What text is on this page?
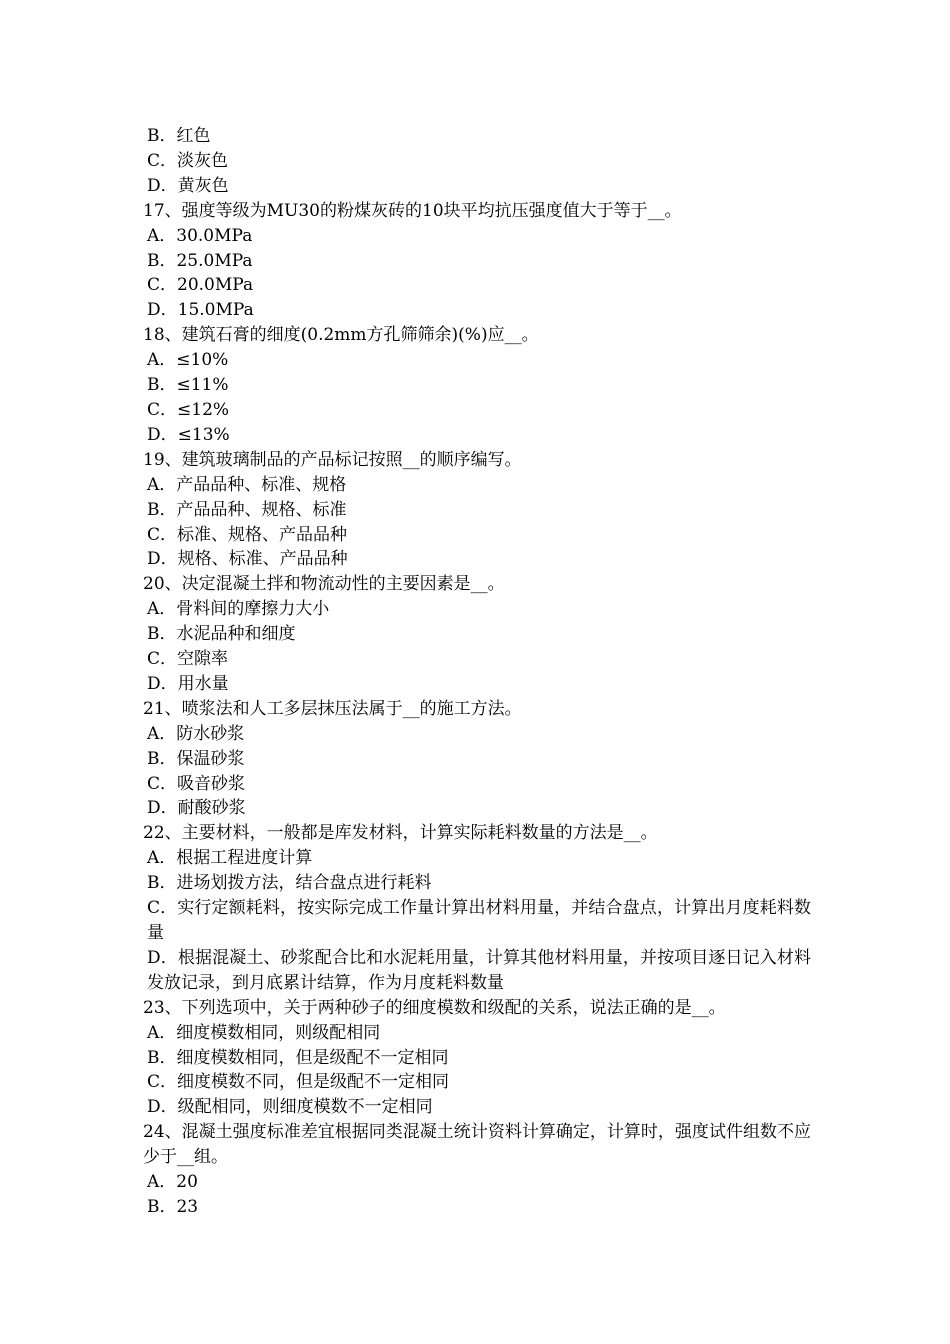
B．红色

C．淡灰色

D．黄灰色

17、强度等级为MU30的粉煤灰砖的10块平均抗压强度值大于等于__。

A．30.0MPa

B．25.0MPa

C．20.0MPa

D．15.0MPa

18、建筑石膏的细度(0.2mm方孔筛筛余)(%)应__。

A．≤10%

B．≤11%

C．≤12%

D．≤13%

19、建筑玻璃制品的产品标记按照__的顺序编写。

A．产品品种、标准、规格

B．产品品种、规格、标准

C．标准、规格、产品品种

D．规格、标准、产品品种

20、决定混凝土拌和物流动性的主要因素是__。

A．骨料间的摩擦力大小

B．水泥品种和细度

C．空隙率

D．用水量

21、喷浆法和人工多层抹压法属于__的施工方法。

A．防水砂浆

B．保温砂浆

C．吸音砂浆

D．耐酸砂浆

22、主要材料，一般都是库发材料，计算实际耗料数量的方法是__。

A．根据工程进度计算

B．进场划拨方法，结合盘点进行耗料

C．实行定额耗料，按实际完成工作量计算出材料用量，并结合盘点，计算出月度耗料数量

D．根据混凝土、砂浆配合比和水泥耗用量，计算其他材料用量，并按项目逐日记入材料发放记录，到月底累计结算，作为月度耗料数量

23、下列选项中，关于两种砂子的细度模数和级配的关系，说法正确的是__。

A．细度模数相同，则级配相同

B．细度模数相同，但是级配不一定相同

C．细度模数不同，但是级配不一定相同

D．级配相同，则细度模数不一定相同

24、混凝土强度标准差宜根据同类混凝土统计资料计算确定，计算时，强度试件组数不应少于__组。

A．20

B．23
